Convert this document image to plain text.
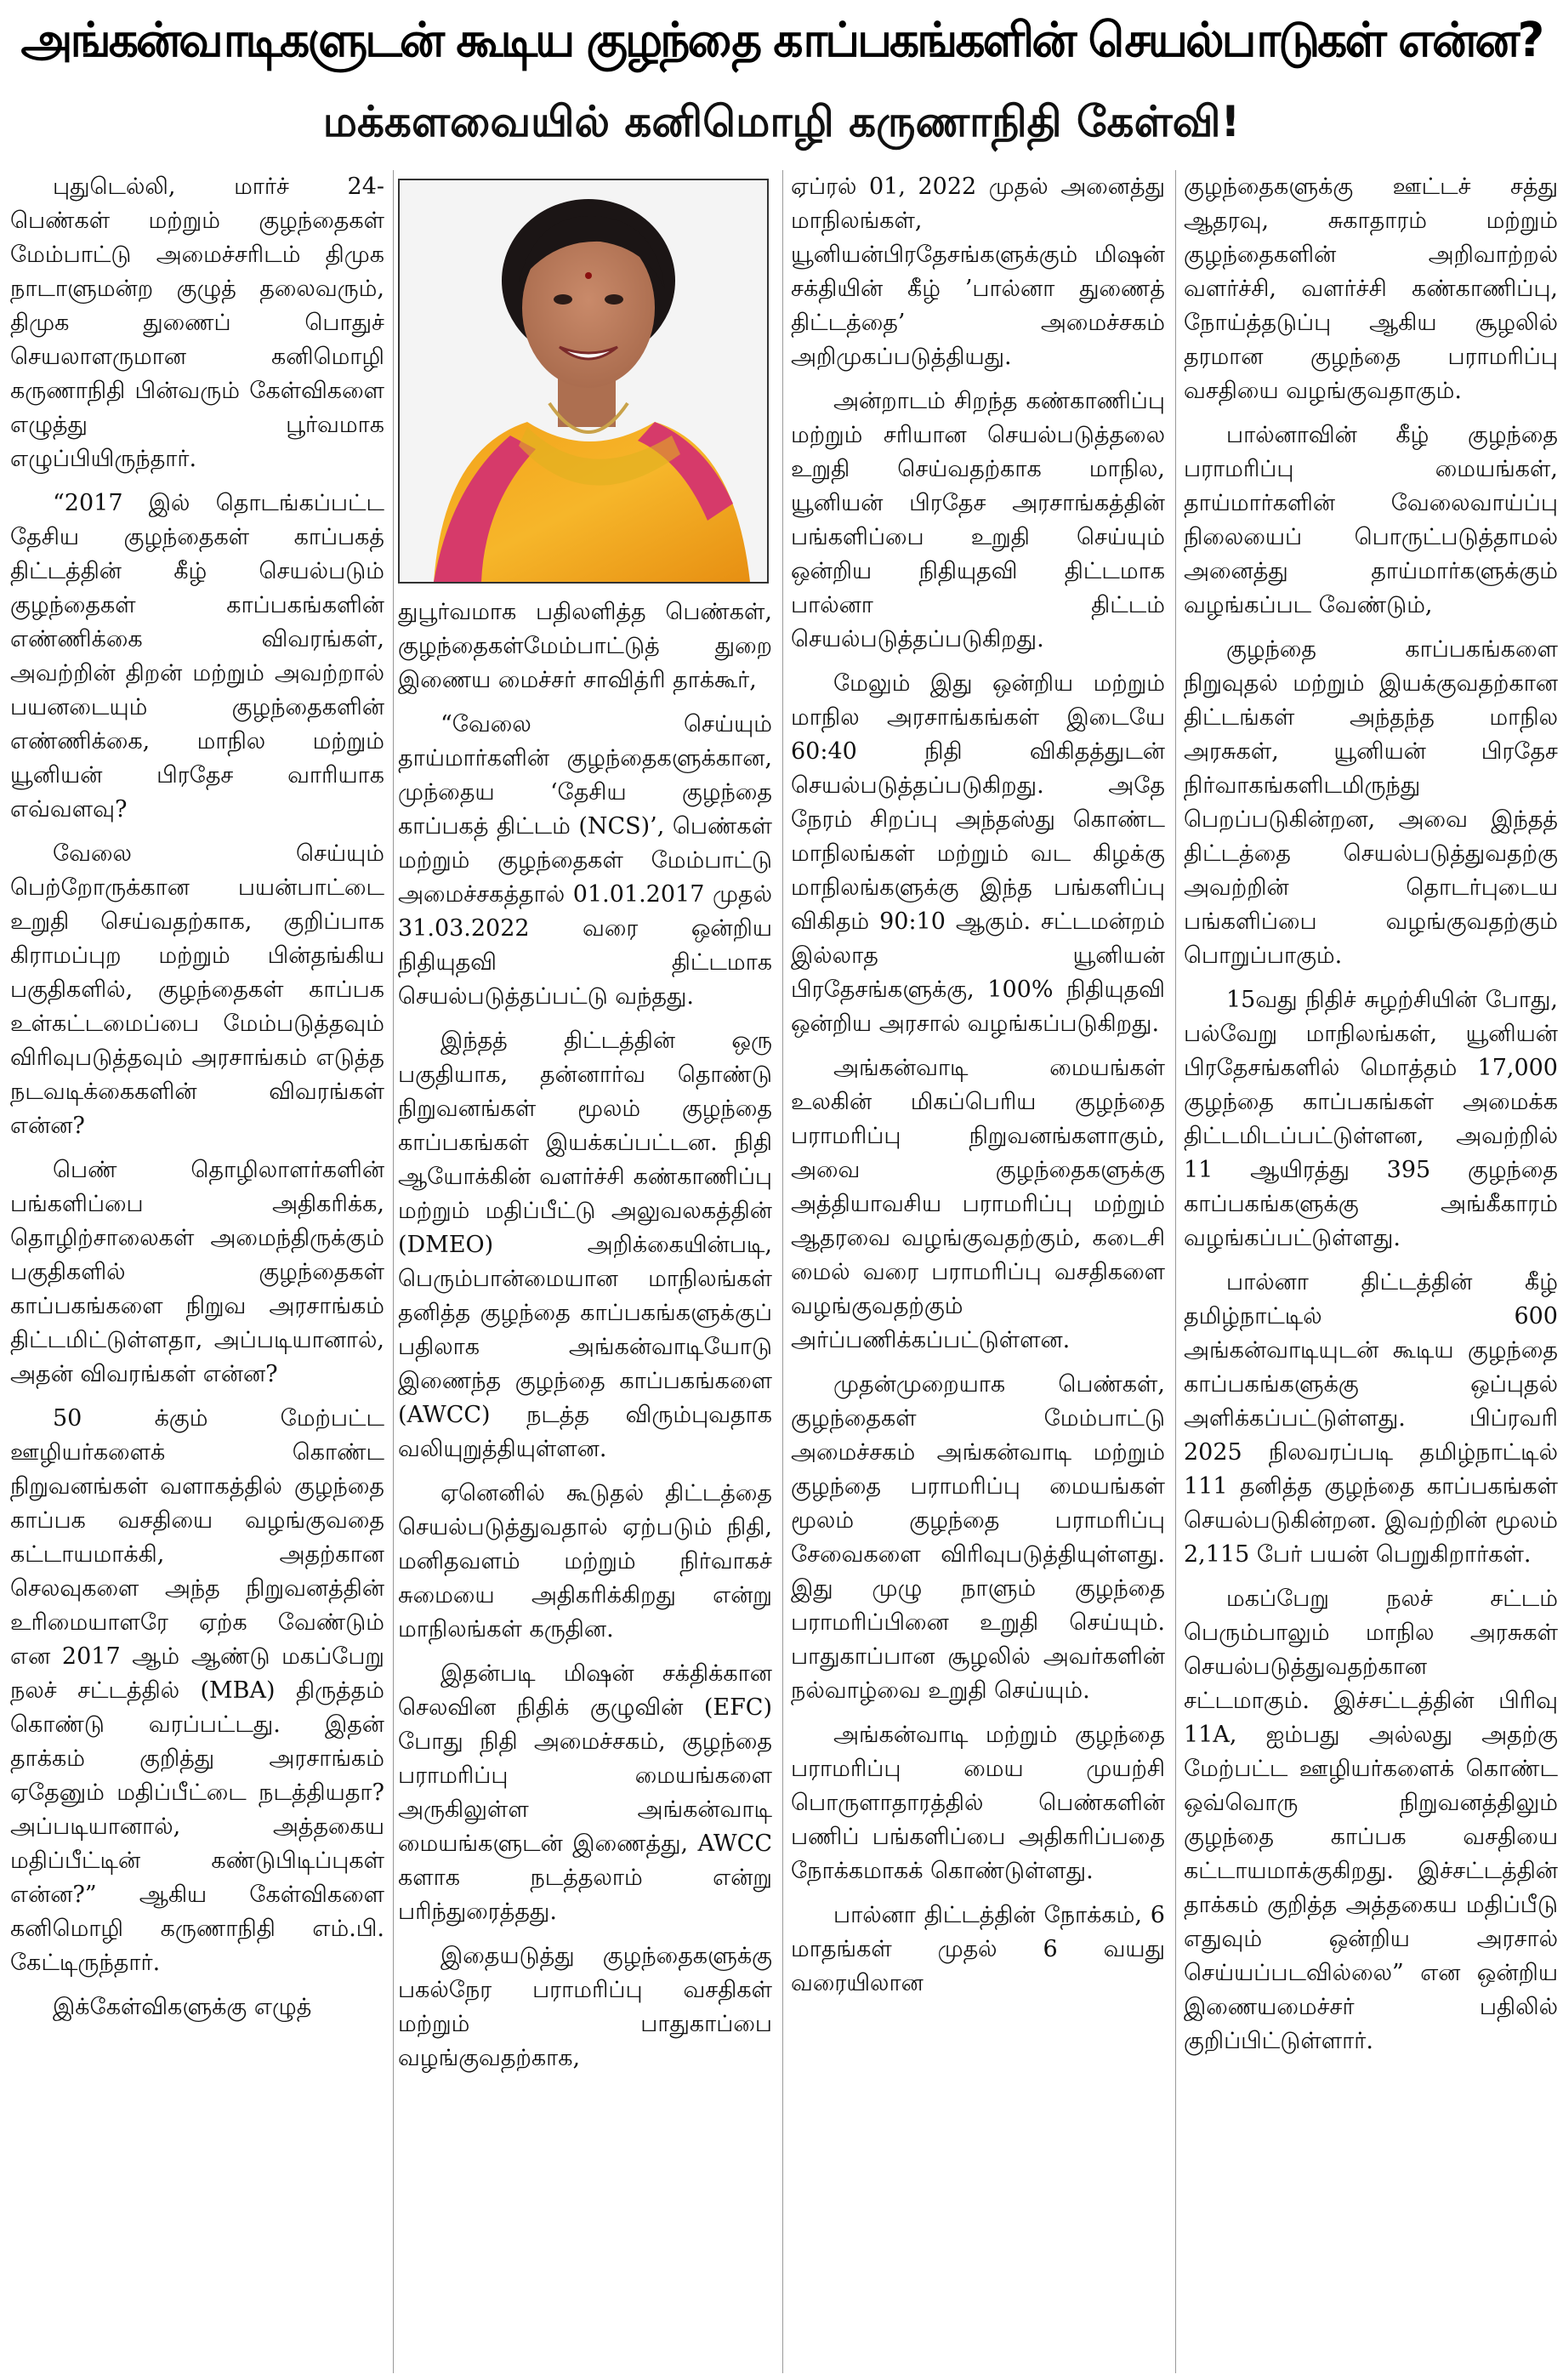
அங்கன்வாடிகளுடன் கூடிய குழந்தை காப்பகங்களின் செயல்பாடுகள் என்ன?
மக்களவையில் கனிமொழி கருணாநிதி கேள்வி!

புதுடெல்லி, மார்ச் 24- பெண்கள் மற்றும் குழந்தைகள் மேம்பாட்டு அமைச்சரிடம் திமுக நாடாளுமன்ற குழுத் தலைவரும், திமுக துணைப் பொதுச் செயலாளருமான கனிமொழி கருணாநிதி பின்வரும் கேள்விகளை எழுத்து பூர்வமாக எழுப்பியிருந்தார்.

“2017 இல் தொடங்கப்பட்ட தேசிய குழந்தைகள் காப்பகத் திட்டத்தின் கீழ் செயல்படும் குழந்தைகள் காப்பகங்களின் எண்ணிக்கை விவரங்கள், அவற்றின் திறன் மற்றும் அவற்றால் பயனடையும் குழந்தைகளின் எண்ணிக்கை, மாநில மற்றும் யூனியன் பிரதேச வாரியாக எவ்வளவு?

வேலை செய்யும் பெற்றோருக்கான பயன்பாட்டை உறுதி செய்வதற்காக, குறிப்பாக கிராமப்புற மற்றும் பின்தங்கிய பகுதிகளில், குழந்தைகள் காப்பக உள்கட்டமைப்பை மேம்படுத்தவும் விரிவுபடுத்தவும் அரசாங்கம் எடுத்த நடவடிக்கைகளின் விவரங்கள் என்ன?

பெண் தொழிலாளர்களின் பங்களிப்பை அதிகரிக்க, தொழிற்சாலைகள் அமைந்திருக்கும் பகுதிகளில் குழந்தைகள் காப்பகங்களை நிறுவ அரசாங்கம் திட்டமிட்டுள்ளதா, அப்படியானால், அதன் விவரங்கள் என்ன?

50 க்கும் மேற்பட்ட ஊழியர்களைக் கொண்ட நிறுவனங்கள் வளாகத்தில் குழந்தை காப்பக வசதியை வழங்குவதை கட்டாயமாக்கி, அதற்கான செலவுகளை அந்த நிறுவனத்தின் உரிமையாளரே ஏற்க வேண்டும் என 2017 ஆம் ஆண்டு மகப்பேறு நலச் சட்டத்தில் (MBA) திருத்தம் கொண்டு வரப்பட்டது. இதன் தாக்கம் குறித்து அரசாங்கம் ஏதேனும் மதிப்பீட்டை நடத்தியதா? அப்படியானால், அத்தகைய மதிப்பீட்டின் கண்டுபிடிப்புகள் என்ன?” ஆகிய கேள்விகளை கனிமொழி கருணாநிதி எம்.பி. கேட்டிருந்தார்.

இக்கேள்விகளுக்கு எழுத்

துபூர்வமாக பதிலளித்த பெண்கள், குழந்தைகள்மேம்பாட்டுத் துறை இணைய மைச்சர் சாவித்ரி தாக்கூர்,

“வேலை செய்யும் தாய்மார்களின் குழந்தைகளுக்கான, முந்தைய ‘தேசிய குழந்தை காப்பகத் திட்டம் (NCS)’, பெண்கள் மற்றும் குழந்தைகள் மேம்பாட்டு அமைச்சகத்தால் 01.01.2017 முதல் 31.03.2022 வரை ஒன்றிய நிதியுதவி திட்டமாக செயல்படுத்தப்பட்டு வந்தது.

இந்தத் திட்டத்தின் ஒரு பகுதியாக, தன்னார்வ தொண்டு நிறுவனங்கள் மூலம் குழந்தை காப்பகங்கள் இயக்கப்பட்டன. நிதி ஆயோக்கின் வளர்ச்சி கண்காணிப்பு மற்றும் மதிப்பீட்டு அலுவலகத்தின் (DMEO) அறிக்கையின்படி, பெரும்பான்மையான மாநிலங்கள் தனித்த குழந்தை காப்பகங்களுக்குப் பதிலாக அங்கன்வாடியோடு இணைந்த குழந்தை காப்பகங்களை (AWCC) நடத்த விரும்புவதாக வலியுறுத்தியுள்ளன.

ஏனெனில் கூடுதல் திட்டத்தை செயல்படுத்துவதால் ஏற்படும் நிதி, மனிதவளம் மற்றும் நிர்வாகச் சுமையை அதிகரிக்கிறது என்று மாநிலங்கள் கருதின.

இதன்படி மிஷன் சக்திக்கான செலவின நிதிக் குழுவின் (EFC) போது நிதி அமைச்சகம், குழந்தை பராமரிப்பு மையங்களை அருகிலுள்ள அங்கன்வாடி மையங்களுடன் இணைத்து, AWCC களாக நடத்தலாம் என்று பரிந்துரைத்தது.

இதையடுத்து குழந்தைகளுக்கு பகல்நேர பராமரிப்பு வசதிகள் மற்றும் பாதுகாப்பை வழங்குவதற்காக,

ஏப்ரல் 01, 2022 முதல் அனைத்து மாநிலங்கள், யூனியன்பிரதேசங்களுக்கும் மிஷன் சக்தியின் கீழ் ’பால்னா துணைத் திட்டத்தை’ அமைச்சகம் அறிமுகப்படுத்தியது.

அன்றாடம் சிறந்த கண்காணிப்பு மற்றும் சரியான செயல்படுத்தலை உறுதி செய்வதற்காக மாநில, யூனியன் பிரதேச அரசாங்கத்தின் பங்களிப்பை உறுதி செய்யும் ஒன்றிய நிதியுதவி திட்டமாக பால்னா திட்டம் செயல்படுத்தப்படுகிறது.

மேலும் இது ஒன்றிய மற்றும் மாநில அரசாங்கங்கள் இடையே 60:40 நிதி விகிதத்துடன் செயல்படுத்தப்படுகிறது. அதே நேரம் சிறப்பு அந்தஸ்து கொண்ட மாநிலங்கள் மற்றும் வட கிழக்கு மாநிலங்களுக்கு இந்த பங்களிப்பு விகிதம் 90:10 ஆகும். சட்டமன்றம் இல்லாத யூனியன் பிரதேசங்களுக்கு, 100% நிதியுதவி ஒன்றிய அரசால் வழங்கப்படுகிறது.

அங்கன்வாடி மையங்கள் உலகின் மிகப்பெரிய குழந்தை பராமரிப்பு நிறுவனங்களாகும், அவை குழந்தைகளுக்கு அத்தியாவசிய பராமரிப்பு மற்றும் ஆதரவை வழங்குவதற்கும், கடைசி மைல் வரை பராமரிப்பு வசதிகளை வழங்குவதற்கும் அர்ப்பணிக்கப்பட்டுள்ளன.

முதன்முறையாக பெண்கள், குழந்தைகள் மேம்பாட்டு அமைச்சகம் அங்கன்வாடி மற்றும் குழந்தை பராமரிப்பு மையங்கள் மூலம் குழந்தை பராமரிப்பு சேவைகளை விரிவுபடுத்தியுள்ளது. இது முழு நாளும் குழந்தை பராமரிப்பினை உறுதி செய்யும். பாதுகாப்பான சூழலில் அவர்களின் நல்வாழ்வை உறுதி செய்யும்.

அங்கன்வாடி மற்றும் குழந்தை பராமரிப்பு மைய முயற்சி பொருளாதாரத்தில் பெண்களின் பணிப் பங்களிப்பை அதிகரிப்பதை நோக்கமாகக் கொண்டுள்ளது.

பால்னா திட்டத்தின் நோக்கம், 6 மாதங்கள் முதல் 6 வயது வரையிலான

குழந்தைகளுக்கு ஊட்டச் சத்து ஆதரவு, சுகாதாரம் மற்றும் குழந்தைகளின் அறிவாற்றல் வளர்ச்சி, வளர்ச்சி கண்காணிப்பு, நோய்த்தடுப்பு ஆகிய சூழலில் தரமான குழந்தை பராமரிப்பு வசதியை வழங்குவதாகும்.

பால்னாவின் கீழ் குழந்தை பராமரிப்பு மையங்கள், தாய்மார்களின் வேலைவாய்ப்பு நிலையைப் பொருட்படுத்தாமல் அனைத்து தாய்மார்களுக்கும் வழங்கப்பட வேண்டும்,

குழந்தை காப்பகங்களை நிறுவுதல் மற்றும் இயக்குவதற்கான திட்டங்கள் அந்தந்த மாநில அரசுகள், யூனியன் பிரதேச நிர்வாகங்களிடமிருந்து பெறப்படுகின்றன, அவை இந்தத் திட்டத்தை செயல்படுத்துவதற்கு அவற்றின் தொடர்புடைய பங்களிப்பை வழங்குவதற்கும் பொறுப்பாகும்.

15வது நிதிச் சுழற்சியின் போது, பல்வேறு மாநிலங்கள், யூனியன் பிரதேசங்களில் மொத்தம் 17,000 குழந்தை காப்பகங்கள் அமைக்க திட்டமிடப்பட்டுள்ளன, அவற்றில் 11 ஆயிரத்து 395 குழந்தை காப்பகங்களுக்கு அங்கீகாரம் வழங்கப்பட்டுள்ளது.

பால்னா திட்டத்தின் கீழ் தமிழ்நாட்டில் 600 அங்கன்வாடியுடன் கூடிய குழந்தை காப்பகங்களுக்கு ஒப்புதல் அளிக்கப்பட்டுள்ளது. பிப்ரவரி 2025 நிலவரப்படி தமிழ்நாட்டில் 111 தனித்த குழந்தை காப்பகங்கள் செயல்படுகின்றன. இவற்றின் மூலம் 2,115 பேர் பயன் பெறுகிறார்கள்.

மகப்பேறு நலச் சட்டம் பெரும்பாலும் மாநில அரசுகள் செயல்படுத்துவதற்கான சட்டமாகும். இச்சட்டத்தின் பிரிவு 11A, ஐம்பது அல்லது அதற்கு மேற்பட்ட ஊழியர்களைக் கொண்ட ஒவ்வொரு நிறுவனத்திலும் குழந்தை காப்பக வசதியை கட்டாயமாக்குகிறது. இச்சட்டத்தின் தாக்கம் குறித்த அத்தகைய மதிப்பீடு எதுவும் ஒன்றிய அரசால் செய்யப்படவில்லை” என ஒன்றிய இணையமைச்சர் பதிலில் குறிப்பிட்டுள்ளார்.
